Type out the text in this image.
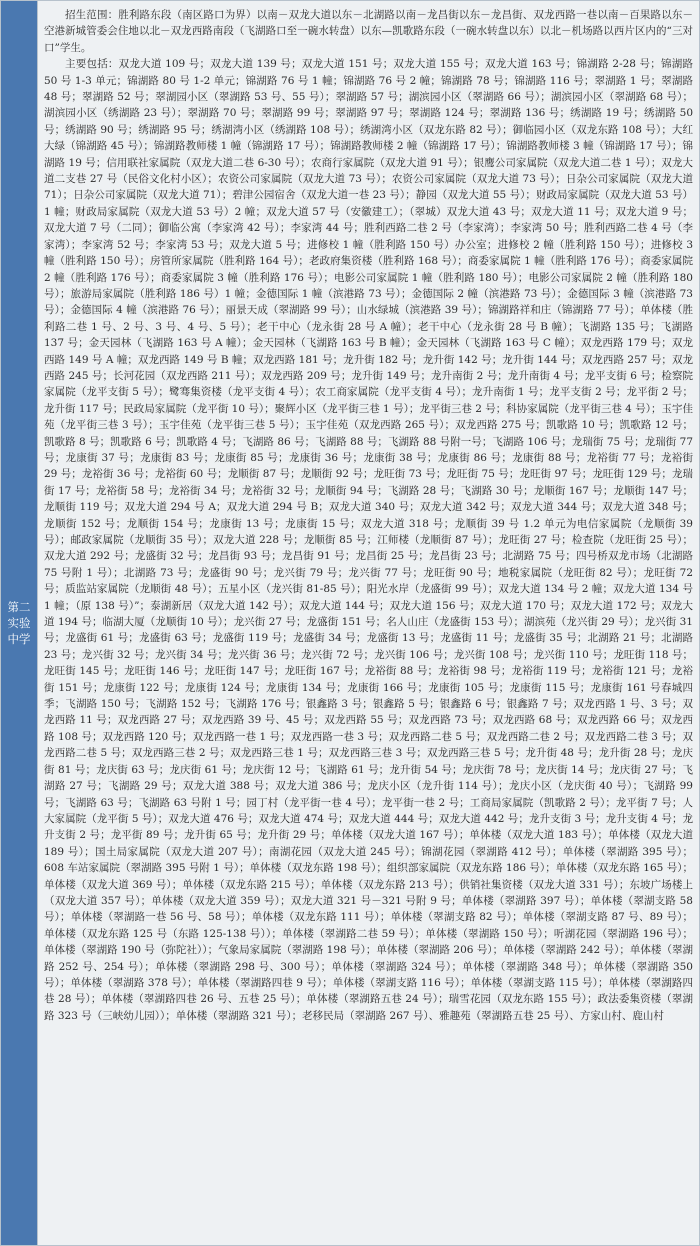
第二实验中学

招生范围：胜利路东段（南区路口为界）以南－双龙大道以东－北湖路以南－龙昌街以东－龙昌街、双龙西路一巷以南－百果路以东－空港新城管委会住地以北－双龙西路南段（飞湖路口至一碗水转盘）以东—凯歌路东段（一碗水转盘以东）以北－机场路以西片区内的“三对口”学生。

主要包括：双龙大道 109 号；双龙大道 139 号；双龙大道 151 号；双龙大道 155 号；双龙大道 163 号；锦湖路 2-28 号；锦湖路 50 号 1-3 单元；锦湖路 80 号 1-2 单元；锦湖路 76 号 1 幢；锦湖路 76 号 2 幢；锦湖路 78 号；锦湖路 116 号；翠湖路 1 号；翠湖路 48 号；翠湖路 52 号；翠湖园小区（翠湖路 53 号、55 号）；翠湖路 57 号；湖滨园小区（翠湖路 66 号）；湖滨园小区（翠湖路 68 号）；湖滨园小区（绣湖路 23 号）；翠湖路 70 号；翠湖路 99 号；翠湖路 97 号；翠湖路 124 号；翠湖路 136 号；绣湖路 19 号；绣湖路 50 号；绣湖路 90 号；绣湖路 95 号；绣湖湾小区（绣湖路 108 号）；绣湖湾小区（双龙东路 82 号）；御临园小区（双龙东路 108 号）；大红大绿（锦湖路 45 号）；锦湖路教师楼 1 幢（锦湖路 17 号）；锦湖路教师楼 2 幢（锦湖路 17 号）；锦湖路教师楼 3 幢（锦湖路 17 号）；锦湖路 19 号；信用联社家属院（双龙大道二巷 6-30 号）；农商行家属院（双龙大道 91 号）；银鹰公司家属院（双龙大道二巷 1 号）；双龙大道二支巷 27 号（民俗文化村小区）；农资公司家属院（双龙大道 73 号）；农资公司家属院（双龙大道 73 号）；日杂公司家属院（双龙大道 71）；日杂公司家属院（双龙大道 71）；碧津公园宿舍（双龙大道一巷 23 号）；静园（双龙大道 55 号）；财政局家属院（双龙大道 53 号）1 幢；财政局家属院（双龙大道 53 号）2 幢；双龙大道 57 号（安徽建工）；（翠城）双龙大道 43 号；双龙大道 11 号；双龙大道 9 号；双龙大道 7 号（二同）；御临公寓（李家湾 42 号）；李家湾 44 号；胜利西路二巷 2 号（李家湾）；李家湾 50 号；胜利西路二巷 4 号（李家湾）；李家湾 52 号；李家湾 53 号；双龙大道 5 号；进修校 1 幢（胜利路 150 号）办公室；进修校 2 幢（胜利路 150 号）；进修校 3 幢（胜利路 150 号）；房管所家属院（胜利路 164 号）；老政府集资楼（胜利路 168 号）；商委家属院 1 幢（胜利路 176 号）；商委家属院 2 幢（胜利路 176 号）；商委家属院 3 幢（胜利路 176 号）；电影公司家属院 1 幢（胜利路 180 号）；电影公司家属院 2 幢（胜利路 180 号）；旅游局家属院（胜利路 186 号）1 幢；金德国际 1 幢（滨港路 73 号）；金德国际 2 幢（滨港路 73 号）；金德国际 3 幢（滨港路 73 号）；金德国际 4 幢（滨港路 76 号）；丽景天成（翠湖路 99 号）；山水绿城（滨港路 39 号）；锦湖路祥和庄（锦湖路 77 号）；单体楼（胜利路二巷 1 号、2 号、3 号、4 号、5 号）；老干中心（龙永街 28 号 A 幢）；老干中心（龙永街 28 号 B 幢）；飞湖路 135 号；飞湖路 137 号；金天园林（飞湖路 163 号 A 幢）；金天园林（飞湖路 163 号 B 幢）；金天园林（飞湖路 163 号 C 幢）；双龙西路 179 号；双龙西路 149 号 A 幢；双龙西路 149 号 B 幢；双龙西路 181 号；龙升街 182 号；龙升街 142 号；龙升街 144 号；双龙西路 257 号；双龙西路 245 号；长河花园（双龙西路 211 号）；双龙西路 209 号；龙升街 149 号；龙升南街 2 号；龙升南街 4 号；龙平支街 6 号；检察院家属院（龙平支街 5 号）；鹭骞集资楼（龙平支街 4 号）；农工商家属院（龙平支街 4 号）；龙升南街 1 号；龙平支街 2 号；龙平街 2 号；龙升街 117 号；民政局家属院（龙平街 10 号）；聚辉小区（龙平街三巷 1 号）；龙平街三巷 2 号；科协家属院（龙平街三巷 4 号）；玉宇佳苑（龙平街三巷 3 号）；玉宇佳苑（龙平街三巷 5 号）；玉宇佳苑（双龙西路 265 号）；双龙西路 275 号；凯歌路 10 号；凯歌路 12 号；凯歌路 8 号；凯歌路 6 号；凯歌路 4 号；飞湖路 86 号；飞湖路 88 号；飞湖路 88 号附一号；飞湖路 106 号；龙瑞街 75 号；龙瑞街 77 号；龙康街 37 号；龙康街 83 号；龙康街 85 号；龙康街 36 号；龙康街 38 号；龙康街 86 号；龙康街 88 号；龙裕街 77 号；龙裕街 29 号；龙裕街 36 号；龙裕街 60 号；龙顺街 87 号；龙顺街 92 号；龙旺街 73 号；龙旺街 75 号；龙旺街 97 号；龙旺街 129 号；龙瑞街 17 号；龙裕街 58 号；龙裕街 34 号；龙裕街 32 号；龙顺街 94 号；飞湖路 28 号；飞湖路 30 号；龙顺街 167 号；龙顺街 147 号；龙顺街 119 号；双龙大道 294 号 A；双龙大道 294 号 B；双龙大道 340 号；双龙大道 342 号；双龙大道 344 号；双龙大道 348 号；龙顺街 152 号；龙顺街 154 号；龙康街 13 号；龙康街 15 号；双龙大道 318 号；龙顺街 39 号 1.2 单元为电信家属院（龙顺街 39 号）；邮政家属院（龙顺街 35 号）；双龙大道 228 号；龙顺街 85 号；江师楼（龙顺街 87 号）；龙旺街 27 号；检查院（龙旺街 25 号）；双龙大道 292 号；龙盛街 32 号；龙昌街 93 号；龙昌街 91 号；龙昌街 25 号；龙昌街 23 号；北湖路 75 号；四号桥双龙市场（北湖路 75 号附 1 号）；北湖路 73 号；龙盛街 90 号；龙兴街 79 号；龙兴街 77 号；龙旺街 90 号；地税家属院（龙旺街 82 号）；龙旺街 72 号；质监站家属院（龙顺街 48 号）；五星小区（龙兴街 81-85 号）；阳光水岸（龙盛街 99 号）；双龙大道 134 号 2 幢；双龙大道 134 号 1 幢；（原 138 号）”；泰湖新居（双龙大道 142 号）；双龙大道 144 号；双龙大道 156 号；双龙大道 170 号；双龙大道 172 号；双龙大道 194 号；临湖大厦（龙顺街 10 号）；龙兴街 27 号；龙盛街 151 号；名人山庄（龙盛街 153 号）；湖滨苑（龙兴街 29 号）；龙兴街 31 号；龙盛街 61 号；龙盛街 63 号；龙盛街 119 号；龙盛街 34 号；龙盛街 13 号；龙盛街 11 号；龙盛街 35 号；北湖路 21 号；北湖路 23 号；龙兴街 32 号；龙兴街 34 号；龙兴街 36 号；龙兴街 72 号；龙兴街 106 号；龙兴街 108 号；龙兴街 110 号；龙旺街 118 号；龙旺街 145 号；龙旺街 146 号；龙旺街 147 号；龙旺街 167 号；龙裕街 88 号；龙裕街 98 号；龙裕街 119 号；龙裕街 121 号；龙裕街 151 号；龙康街 122 号；龙康街 124 号；龙康街 134 号；龙康街 166 号；龙康街 105 号；龙康街 115 号；龙康街 161 号春城四季；飞湖路 150 号；飞湖路 152 号；飞湖路 176 号；银鑫路 3 号；银鑫路 5 号；银鑫路 6 号；银鑫路 7 号；双龙西路 1 号、3 号；双龙西路 11 号；双龙西路 27 号；双龙西路 39 号、45 号；双龙西路 55 号；双龙西路 73 号；双龙西路 68 号；双龙西路 66 号；双龙西路 108 号；双龙西路 120 号；双龙西路一巷 1 号；双龙西路一巷 3 号；双龙西路二巷 5 号；双龙西路二巷 2 号；双龙西路二巷 3 号；双龙西路二巷 5 号；双龙西路三巷 2 号；双龙西路三巷 1 号；双龙西路三巷 3 号；双龙西路三巷 5 号；龙升街 48 号；龙升街 28 号；龙庆街 81 号；龙庆街 63 号；龙庆街 61 号；龙庆街 12 号；飞湖路 61 号；龙升街 54 号；龙庆街 78 号；龙庆街 14 号；龙庆街 27 号；飞湖路 27 号；飞湖路 29 号；双龙大道 388 号；双龙大道 386 号；龙庆小区（龙升街 114 号）；龙庆小区（龙庆街 40 号）；飞湖路 99 号；飞湖路 63 号；飞湖路 63 号附 1 号；园丁村（龙平街一巷 4 号）；龙平街一巷 2 号；工商局家属院（凯歌路 2 号）；龙平街 7 号；人大家属院（龙平街 5 号）；双龙大道 476 号；双龙大道 474 号；双龙大道 444 号；双龙大道 442 号；龙升支街 3 号；龙升支街 4 号；龙升支街 2 号；龙平街 89 号；龙升街 65 号；龙升街 29 号；单体楼（双龙大道 167 号）；单体楼（双龙大道 183 号）；单体楼（双龙大道 189 号）；国土局家属院（双龙大道 207 号）；南湖花园（双龙大道 245 号）；锦湖花园（翠湖路 412 号）；单体楼（翠湖路 395 号）；608 车站家属院（翠湖路 395 号附 1 号）；单体楼（双龙东路 198 号）；组织部家属院（双龙东路 186 号）；单体楼（双龙东路 165 号）；单体楼（双龙大道 369 号）；单体楼（双龙东路 215 号）；单体楼（双龙东路 213 号）；供销社集资楼（双龙大道 331 号）；东坡广场楼上（双龙大道 357 号）；单体楼（双龙大道 359 号）；双龙大道 321 号－321 号附 9 号；单体楼（翠湖路 397 号）；单体楼（翠湖支路 58 号）；单体楼（翠湖路一巷 56 号、58 号）；单体楼（双龙东路 111 号）；单体楼（翠湖支路 82 号）；单体楼（翠湖支路 87 号、89 号）；单体楼（双龙东路 125 号（东路 125-138 号））；单体楼（翠湖路二巷 59 号）；单体楼（翠湖路 150 号）；听湖花园（翠湖路 196 号）；单体楼（翠湖路 190 号（弥陀社））；气象局家属院（翠湖路 198 号）；单体楼（翠湖路 206 号）；单体楼（翠湖路 242 号）；单体楼（翠湖路 252 号、254 号）；单体楼（翠湖路 298 号、300 号）；单体楼（翠湖路 324 号）；单体楼（翠湖路 348 号）；单体楼（翠湖路 350 号）；单体楼（翠湖路 378 号）；单体楼（翠湖路四巷 9 号）；单体楼（翠湖支路 116 号）；单体楼（翠湖支路 115 号）；单体楼（翠湖路四巷 28 号）；单体楼（翠湖路四巷 26 号、五巷 25 号）；单体楼（翠湖路五巷 24 号）；瑞雪花园（双龙东路 155 号）；政法委集资楼（翠湖路 323 号（三峡幼儿园））；单体楼（翠湖路 321 号）；老移民局（翠湖路 267 号）、雅趣苑（翠湖路五巷 25 号）、方家山村、鹿山村
